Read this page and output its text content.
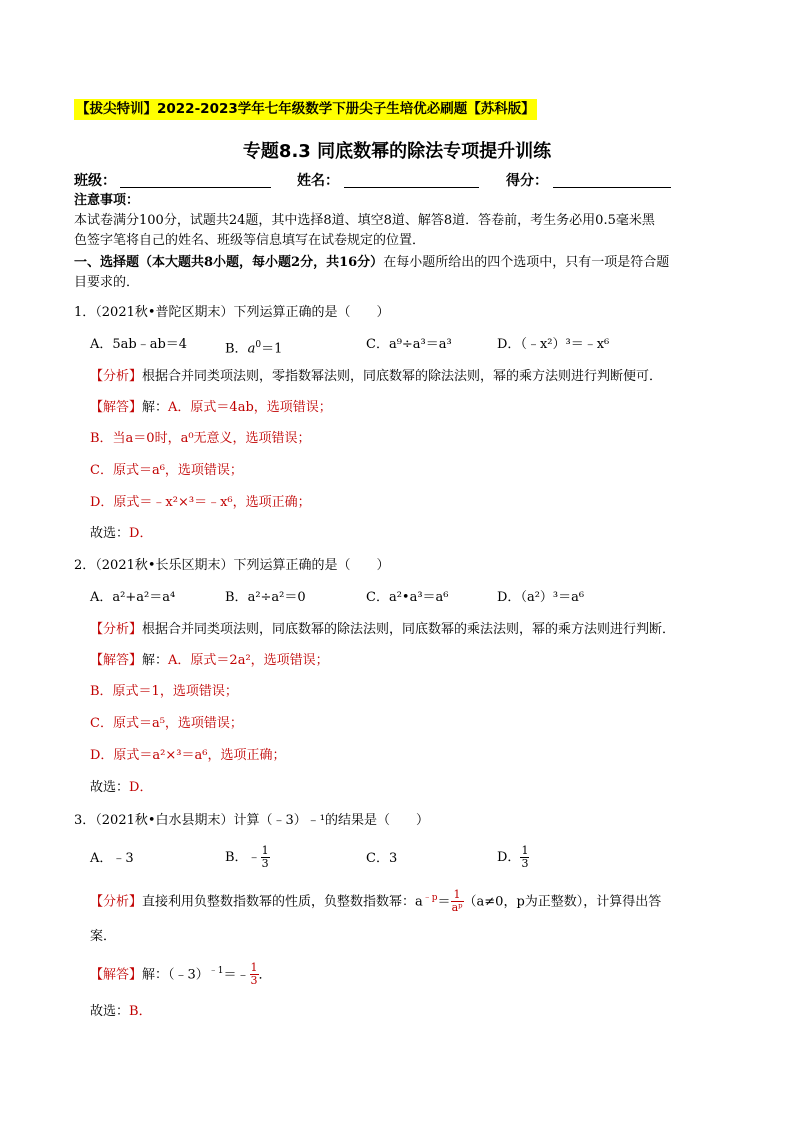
【拔尖特训】2022-2023学年七年级数学下册尖子生培优必刷题【苏科版】
专题8.3 同底数幂的除法专项提升训练
班级：	姓名：	得分：
注意事项：
本试卷满分100分，试题共24题，其中选择8道、填空8道、解答8道．答卷前，考生务必用0.5毫米黑
色签字笔将自己的姓名、班级等信息填写在试卷规定的位置．
一、选择题（本大题共8小题，每小题2分，共16分）在每小题所给出的四个选项中，只有一项是符合题
目要求的．
1．（2021秋•普陀区期末）下列运算正确的是（　　）
A．5ab﹣ab＝4	B．$a^0=1$	C．a⁹÷a³＝a³	D．（﹣x²）³＝﹣x⁶
【分析】根据合并同类项法则，零指数幂法则，同底数幂的除法法则，幂的乘方法则进行判断便可．
【解答】解：A．原式＝4ab，选项错误；
B．当a＝0时，a⁰无意义，选项错误；
C．原式＝a⁶，选项错误；
D．原式＝﹣x²×³＝﹣x⁶，选项正确；
故选：D．
2．（2021秋•长乐区期末）下列运算正确的是（　　）
A．a²+a²＝a⁴	B．a²÷a²＝0	C．a²•a³＝a⁶	D．（a²）³＝a⁶
【分析】根据合并同类项法则，同底数幂的除法法则，同底数幂的乘法法则，幂的乘方法则进行判断．
【解答】解：A．原式＝2a²，选项错误；
B．原式＝1，选项错误；
C．原式＝a⁵，选项错误；
D．原式＝a²×³＝a⁶，选项正确；
故选：D．
3．（2021秋•白水县期末）计算（﹣3）﹣¹的结果是（　　）
A．﹣3	B．﹣ $\frac{1}{3}$	C．3	D． $\frac{1}{3}$
【分析】直接利用负整数指数幂的性质，负整数指数幂：$a^{﹣p}= \frac{1}{\text{aᵖ}} (a\ne 0$，p为正整数），计算得出答
案．
【解答】解：（﹣3）$^{﹣1}$＝﹣ $\frac{1}{3}$ ．
故选：B．
